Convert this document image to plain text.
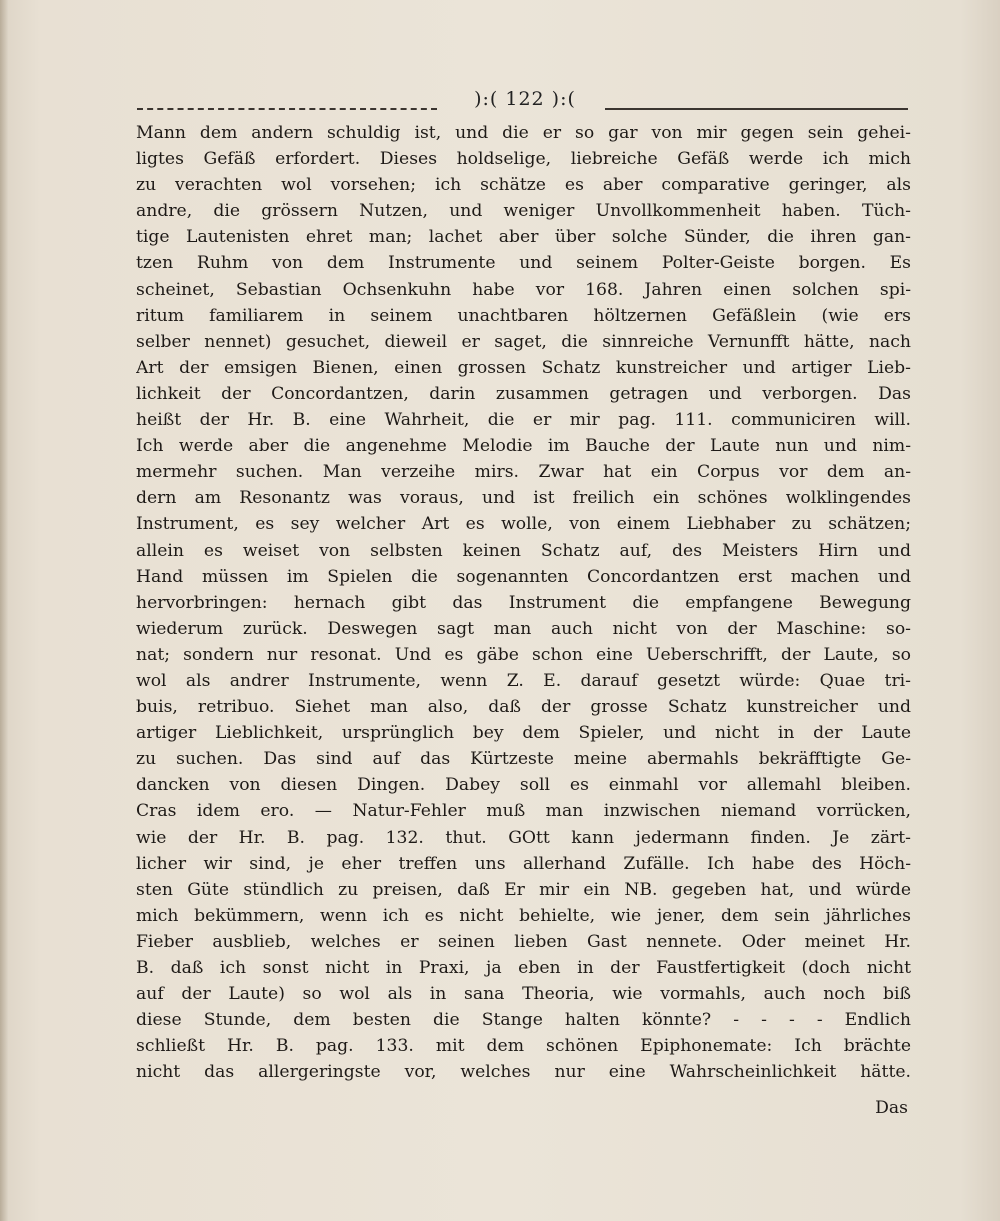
):( 122 ):(
Mann dem andern schuldig ist, und die er so gar von mir gegen sein gehei-
ligtes Gefäß erfordert. Dieses holdselige, liebreiche Gefäß werde ich mich
zu verachten wol vorsehen; ich schätze es aber comparative geringer, als
andre, die grössern Nutzen, und weniger Unvollkommenheit haben. Tüch-
tige Lautenisten ehret man; lachet aber über solche Sünder, die ihren gan-
tzen Ruhm von dem Instrumente und seinem Polter-Geiste borgen. Es
scheinet, Sebastian Ochsenkuhn habe vor 168. Jahren einen solchen spi-
ritum familiarem in seinem unachtbaren höltzernen Gefäßlein (wie ers
selber nennet) gesuchet, dieweil er saget, die sinnreiche Vernunfft hätte, nach
Art der emsigen Bienen, einen grossen Schatz kunstreicher und artiger Lieb-
lichkeit der Concordantzen, darin zusammen getragen und verborgen. Das
heißt der Hr. B. eine Wahrheit, die er mir pag. 111. communiciren will.
Ich werde aber die angenehme Melodie im Bauche der Laute nun und nim-
mermehr suchen. Man verzeihe mirs. Zwar hat ein Corpus vor dem an-
dern am Resonantz was voraus, und ist freilich ein schönes wolklingendes
Instrument, es sey welcher Art es wolle, von einem Liebhaber zu schätzen;
allein es weiset von selbsten keinen Schatz auf, des Meisters Hirn und
Hand müssen im Spielen die sogenannten Concordantzen erst machen und
hervorbringen: hernach gibt das Instrument die empfangene Bewegung
wiederum zurück. Deswegen sagt man auch nicht von der Maschine: so-
nat; sondern nur resonat. Und es gäbe schon eine Ueberschrifft, der Laute, so
wol als andrer Instrumente, wenn Z. E. darauf gesetzt würde: Quae tri-
buis, retribuo. Siehet man also, daß der grosse Schatz kunstreicher und
artiger Lieblichkeit, ursprünglich bey dem Spieler, und nicht in der Laute
zu suchen. Das sind auf das Kürtzeste meine abermahls bekräfftigte Ge-
dancken von diesen Dingen. Dabey soll es einmahl vor allemahl bleiben.
Cras idem ero. — Natur-Fehler muß man inzwischen niemand vorrücken,
wie der Hr. B. pag. 132. thut. GOtt kann jedermann finden. Je zärt-
licher wir sind, je eher treffen uns allerhand Zufälle. Ich habe des Höch-
sten Güte stündlich zu preisen, daß Er mir ein NB. gegeben hat, und würde
mich bekümmern, wenn ich es nicht behielte, wie jener, dem sein jährliches
Fieber ausblieb, welches er seinen lieben Gast nennete. Oder meinet Hr.
B. daß ich sonst nicht in Praxi, ja eben in der Faustfertigkeit (doch nicht
auf der Laute) so wol als in sana Theoria, wie vormahls, auch noch biß
diese Stunde, dem besten die Stange halten könnte? - - - - Endlich
schließt Hr. B. pag. 133. mit dem schönen Epiphonemate: Ich brächte
nicht das allergeringste vor, welches nur eine Wahrscheinlichkeit hätte.
Das
